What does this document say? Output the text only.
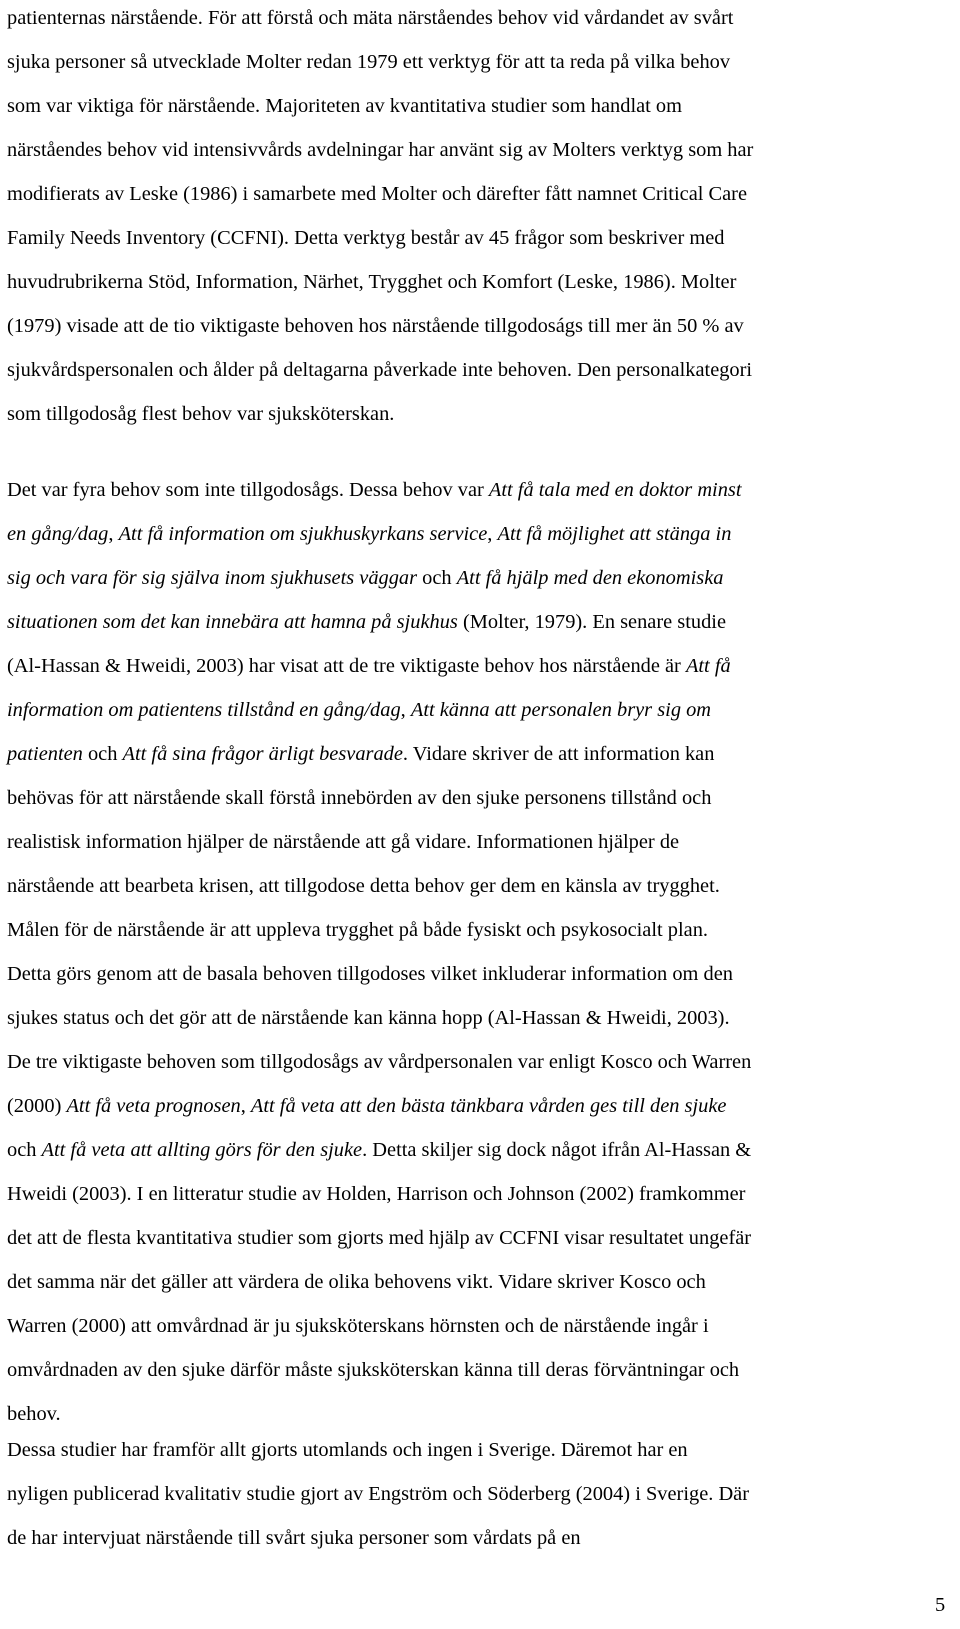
patienternas närstående. För att förstå och mäta närståendes behov vid vårdandet av svårt
sjuka personer så utvecklade Molter redan 1979 ett verktyg för att ta reda på vilka behov
som var viktiga för närstående. Majoriteten av kvantitativa studier som handlat om
närståendes behov vid intensivvårds avdelningar har använt sig av Molters verktyg som har
modifierats av Leske (1986) i samarbete med Molter och därefter fått namnet Critical Care
Family Needs Inventory (CCFNI). Detta verktyg består av 45 frågor som beskriver med
huvudrubrikerna Stöd, Information, Närhet, Trygghet och Komfort (Leske, 1986). Molter
(1979) visade att de tio viktigaste behoven hos närstående tillgodoságs till mer än 50 % av
sjukvårdspersonalen och ålder på deltagarna påverkade inte behoven. Den personalkategori
som tillgodosåg flest behov var sjuksköterskan.
Det var fyra behov som inte tillgodosågs. Dessa behov var Att få tala med en doktor minst
en gång/dag, Att få information om sjukhuskyrkans service, Att få möjlighet att stänga in
sig och vara för sig själva inom sjukhusets väggar och Att få hjälp med den ekonomiska
situationen som det kan innebära att hamna på sjukhus (Molter, 1979). En senare studie
(Al-Hassan & Hweidi, 2003) har visat att de tre viktigaste behov hos närstående är Att få
information om patientens tillstånd en gång/dag, Att känna att personalen bryr sig om
patienten och Att få sina frågor ärligt besvarade. Vidare skriver de att information kan
behövas för att närstående skall förstå innebörden av den sjuke personens tillstånd och
realistisk information hjälper de närstående att gå vidare. Informationen hjälper de
närstående att bearbeta krisen, att tillgodose detta behov ger dem en känsla av trygghet.
Målen för de närstående är att uppleva trygghet på både fysiskt och psykosocialt plan.
Detta görs genom att de basala behoven tillgodoses vilket inkluderar information om den
sjukes status och det gör att de närstående kan känna hopp (Al-Hassan & Hweidi, 2003).
De tre viktigaste behoven som tillgodosågs av vårdpersonalen var enligt Kosco och Warren
(2000) Att få veta prognosen, Att få veta att den bästa tänkbara vården ges till den sjuke
och Att få veta att allting görs för den sjuke. Detta skiljer sig dock något ifrån Al-Hassan &
Hweidi (2003). I en litteratur studie av Holden, Harrison och Johnson (2002) framkommer
det att de flesta kvantitativa studier som gjorts med hjälp av CCFNI visar resultatet ungefär
det samma när det gäller att värdera de olika behovens vikt. Vidare skriver Kosco och
Warren (2000) att omvårdnad är ju sjuksköterskans hörnsten och de närstående ingår i
omvårdnaden av den sjuke därför måste sjuksköterskan känna till deras förväntningar och
behov.
Dessa studier har framför allt gjorts utomlands och ingen i Sverige. Däremot har en
nyligen publicerad kvalitativ studie gjort av Engström och Söderberg (2004) i Sverige. Där
de har intervjuat närstående till svårt sjuka personer som vårdats på en
5
